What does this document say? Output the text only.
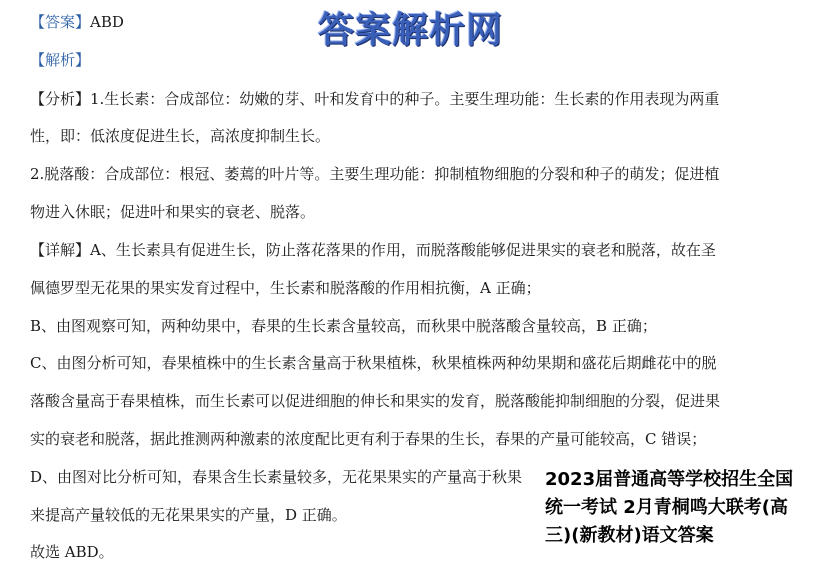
答案解析网
【答案】ABD
【解析】
【分析】1.生长素：合成部位：幼嫩的芽、叶和发育中的种子。主要生理功能：生长素的作用表现为两重
性，即：低浓度促进生长，高浓度抑制生长。
2.脱落酸：合成部位：根冠、萎蔫的叶片等。主要生理功能：抑制植物细胞的分裂和种子的萌发；促进植
物进入休眠；促进叶和果实的衰老、脱落。
【详解】A、生长素具有促进生长，防止落花落果的作用，而脱落酸能够促进果实的衰老和脱落，故在圣
佩德罗型无花果的果实发育过程中，生长素和脱落酸的作用相抗衡，A 正确；
B、由图观察可知，两种幼果中，春果的生长素含量较高，而秋果中脱落酸含量较高，B 正确；
C、由图分析可知，春果植株中的生长素含量高于秋果植株，秋果植株两种幼果期和盛花后期雌花中的脱
落酸含量高于春果植株，而生长素可以促进细胞的伸长和果实的发育，脱落酸能抑制细胞的分裂，促进果
实的衰老和脱落，据此推测两种激素的浓度配比更有利于春果的生长，春果的产量可能较高，C 错误；
D、由图对比分析可知，春果含生长素量较多，无花果果实的产量高于秋果
来提高产量较低的无花果果实的产量，D 正确。
故选 ABD。
2023届普通高等学校招生全国
统一考试 2月青桐鸣大联考(高
三)(新教材)语文答案
